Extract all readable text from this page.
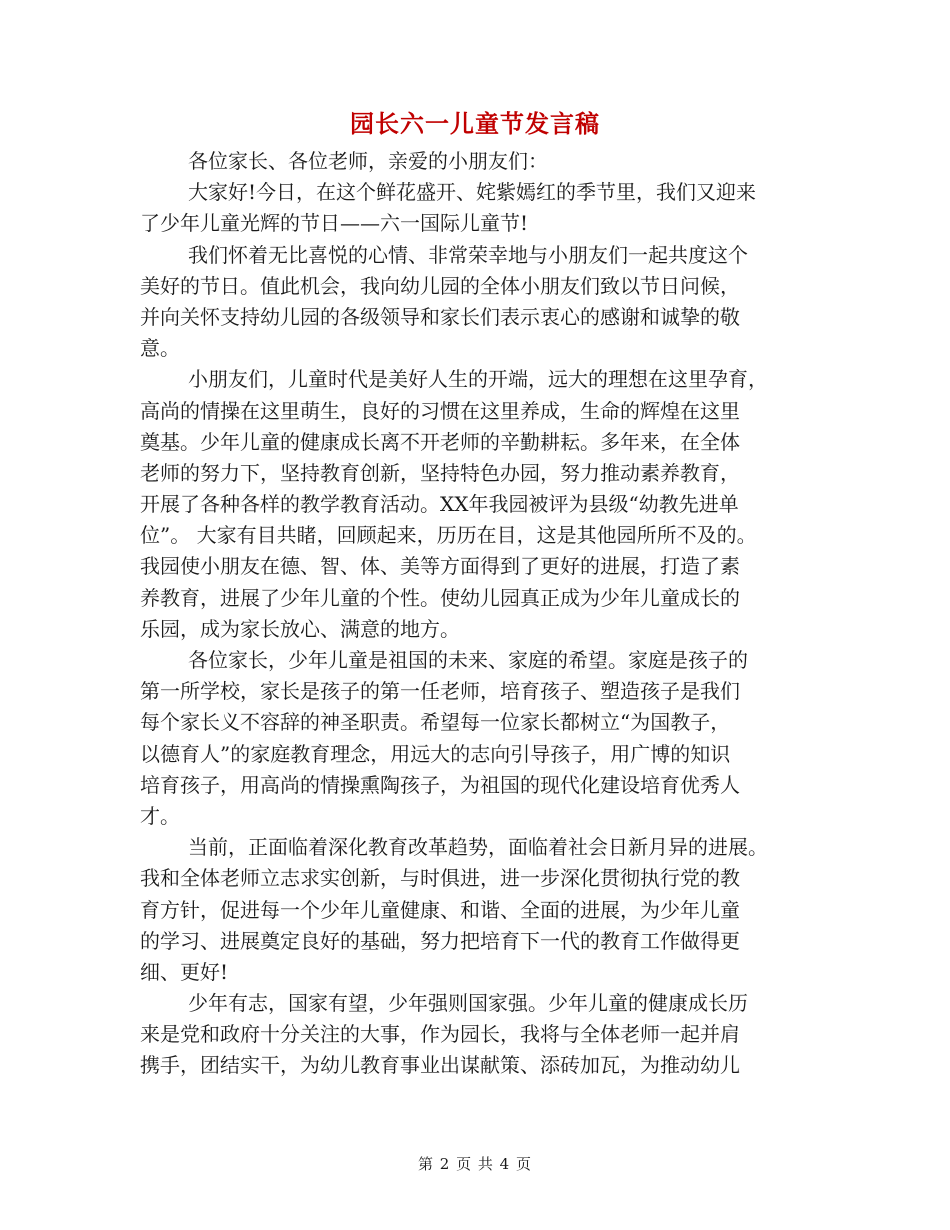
园长六一儿童节发言稿
各位家长、各位老师，亲爱的小朋友们：
大家好!今日，在这个鲜花盛开、姹紫嫣红的季节里，我们又迎来
了少年儿童光辉的节日——六一国际儿童节!
我们怀着无比喜悦的心情、非常荣幸地与小朋友们一起共度这个
美好的节日。值此机会，我向幼儿园的全体小朋友们致以节日问候，
并向关怀支持幼儿园的各级领导和家长们表示衷心的感谢和诚挚的敬
意。
小朋友们，儿童时代是美好人生的开端，远大的理想在这里孕育，
高尚的情操在这里萌生，良好的习惯在这里养成，生命的辉煌在这里
奠基。少年儿童的健康成长离不开老师的辛勤耕耘。多年来，在全体
老师的努力下，坚持教育创新，坚持特色办园，努力推动素养教育，
开展了各种各样的教学教育活动。XX年我园被评为县级“幼教先进单
位”。 大家有目共睹，回顾起来，历历在目，这是其他园所所不及的。
我园使小朋友在德、智、体、美等方面得到了更好的进展，打造了素
养教育，进展了少年儿童的个性。使幼儿园真正成为少年儿童成长的
乐园，成为家长放心、满意的地方。
各位家长，少年儿童是祖国的未来、家庭的希望。家庭是孩子的
第一所学校，家长是孩子的第一任老师，培育孩子、塑造孩子是我们
每个家长义不容辞的神圣职责。希望每一位家长都树立“为国教子，
以德育人”的家庭教育理念，用远大的志向引导孩子，用广博的知识
培育孩子，用高尚的情操熏陶孩子，为祖国的现代化建设培育优秀人
才。
当前，正面临着深化教育改革趋势，面临着社会日新月异的进展。
我和全体老师立志求实创新，与时俱进，进一步深化贯彻执行党的教
育方针，促进每一个少年儿童健康、和谐、全面的进展，为少年儿童
的学习、进展奠定良好的基础，努力把培育下一代的教育工作做得更
细、更好!
少年有志，国家有望，少年强则国家强。少年儿童的健康成长历
来是党和政府十分关注的大事，作为园长，我将与全体老师一起并肩
携手，团结实干，为幼儿教育事业出谋献策、添砖加瓦，为推动幼儿
第 2 页 共 4 页
